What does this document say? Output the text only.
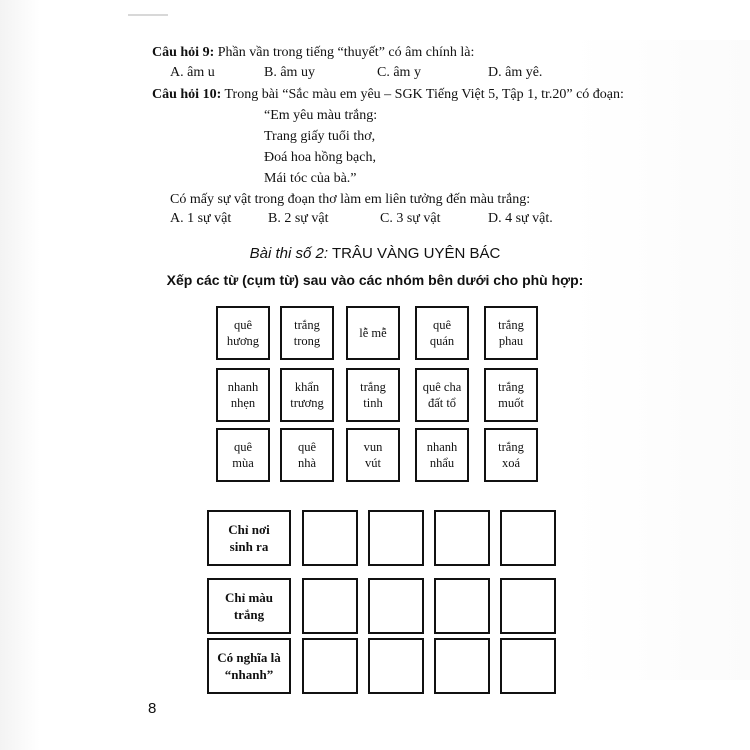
Câu hỏi 9: Phần vần trong tiếng “thuyết” có âm chính là:
A. âm u	B. âm uy	C. âm y	D. âm yê.
Câu hỏi 10: Trong bài “Sắc màu em yêu – SGK Tiếng Việt 5, Tập 1, tr.20” có đoạn:
“Em yêu màu trắng:
Trang giấy tuổi thơ,
Đoá hoa hồng bạch,
Mái tóc của bà.”
Có mấy sự vật trong đoạn thơ làm em liên tưởng đến màu trắng:
A. 1 sự vật	B. 2 sự vật	C. 3 sự vật	D. 4 sự vật.
Bài thi số 2: TRÂU VÀNG UYÊN BÁC
Xếp các từ (cụm từ) sau vào các nhóm bên dưới cho phù hợp:
quê
hương
trắng
trong
lễ mễ
quê
quán
trắng
phau
nhanh
nhẹn
khẩn
trương
trắng
tinh
quê cha
đất tổ
trắng
muốt
quê
mùa
quê
nhà
vun
vút
nhanh
nhẩu
trắng
xoá
Chỉ nơi
sinh ra
Chỉ màu
trắng
Có nghĩa là
“nhanh”
8
